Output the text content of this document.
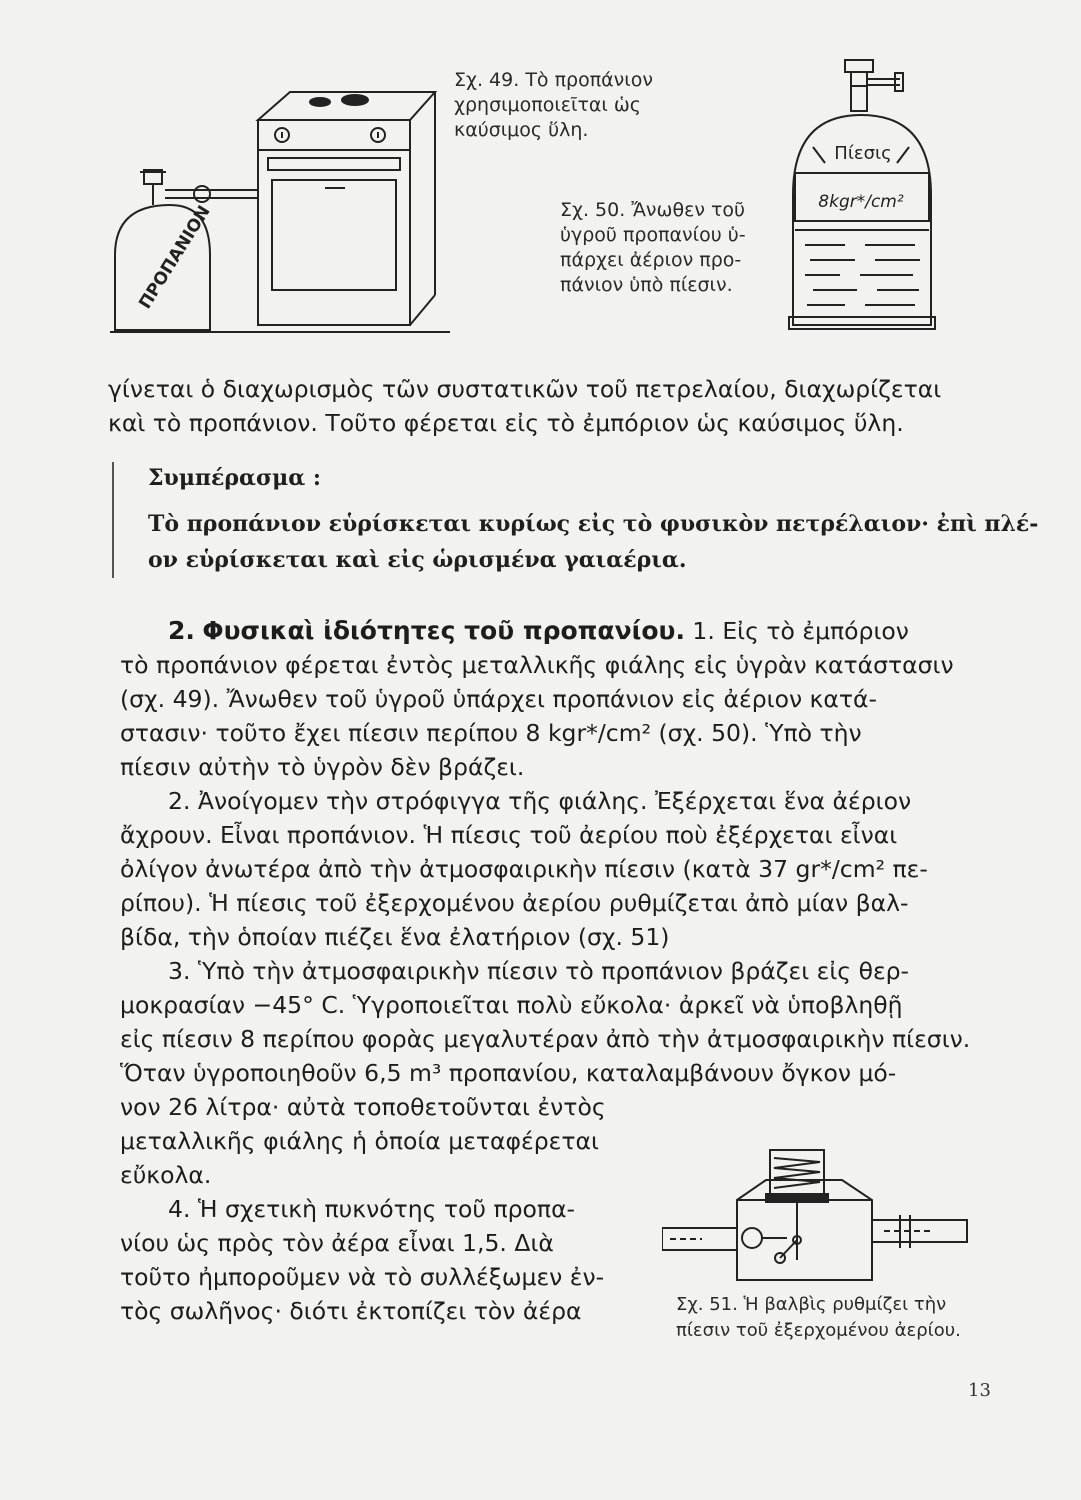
ΠΡΟΠΑΝΙΟΝ
Σχ. 49. Τὸ προπάνιον
χρησιμοποιεῖται ὡς
καύσιμος ὕλη.
Πίεσις
8kgr*/cm²
Σχ. 50. Ἄνωθεν τοῦ
ὑγροῦ προπανίου ὑ-
πάρχει ἀέριον προ-
πάνιον ὑπὸ πίεσιν.
γίνεται ὁ διαχωρισμὸς τῶν συστατικῶν τοῦ πετρελαίου, διαχωρίζεται
καὶ τὸ προπάνιον. Τοῦτο φέρεται εἰς τὸ ἐμπόριον ὡς καύσιμος ὕλη.
Συμπέρασμα :
Τὸ προπάνιον εὑρίσκεται κυρίως εἰς τὸ φυσικὸν πετρέλαιον· ἐπὶ πλέ-
ον εὑρίσκεται καὶ εἰς ὡρισμένα γαιαέρια.
2. Φυσικαὶ ἰδιότητες τοῦ προπανίου. 1. Εἰς τὸ ἐμπόριον
τὸ προπάνιον φέρεται ἐντὸς μεταλλικῆς φιάλης εἰς ὑγρὰν κατάστασιν
(σχ. 49). Ἄνωθεν τοῦ ὑγροῦ ὑπάρχει προπάνιον εἰς ἀέριον κατά-
στασιν· τοῦτο ἔχει πίεσιν περίπου 8 kgr*/cm² (σχ. 50). Ὑπὸ τὴν
πίεσιν αὐτὴν τὸ ὑγρὸν δὲν βράζει.
2. Ἀνοίγομεν τὴν στρόφιγγα τῆς φιάλης. Ἐξέρχεται ἕνα ἀέριον
ἄχρουν. Εἶναι προπάνιον. Ἡ πίεσις τοῦ ἀερίου ποὺ ἐξέρχεται εἶναι
ὀλίγον ἀνωτέρα ἀπὸ τὴν ἀτμοσφαιρικὴν πίεσιν (κατὰ 37 gr*/cm² πε-
ρίπου). Ἡ πίεσις τοῦ ἐξερχομένου ἀερίου ρυθμίζεται ἀπὸ μίαν βαλ-
βίδα, τὴν ὁποίαν πιέζει ἕνα ἐλατήριον (σχ. 51)
3. Ὑπὸ τὴν ἀτμοσφαιρικὴν πίεσιν τὸ προπάνιον βράζει εἰς θερ-
μοκρασίαν −45° C. Ὑγροποιεῖται πολὺ εὔκολα· ἀρκεῖ νὰ ὑποβληθῇ
εἰς πίεσιν 8 περίπου φορὰς μεγαλυτέραν ἀπὸ τὴν ἀτμοσφαιρικὴν πίεσιν.
Ὅταν ὑγροποιηθοῦν 6,5 m³ προπανίου, καταλαμβάνουν ὄγκον μό-
νον 26 λίτρα· αὐτὰ τοποθετοῦνται ἐντὸς
μεταλλικῆς φιάλης ἡ ὁποία μεταφέρεται
εὔκολα.
4. Ἡ σχετικὴ πυκνότης τοῦ προπα-
νίου ὡς πρὸς τὸν ἀέρα εἶναι 1,5. Διὰ
τοῦτο ἠμποροῦμεν νὰ τὸ συλλέξωμεν ἐν-
τὸς σωλῆνος· διότι ἐκτοπίζει τὸν ἀέρα	Σχ. 51. Ἡ βαλβὶς ρυθμίζει τὴν
πίεσιν τοῦ ἐξερχομένου ἀερίου.
13
